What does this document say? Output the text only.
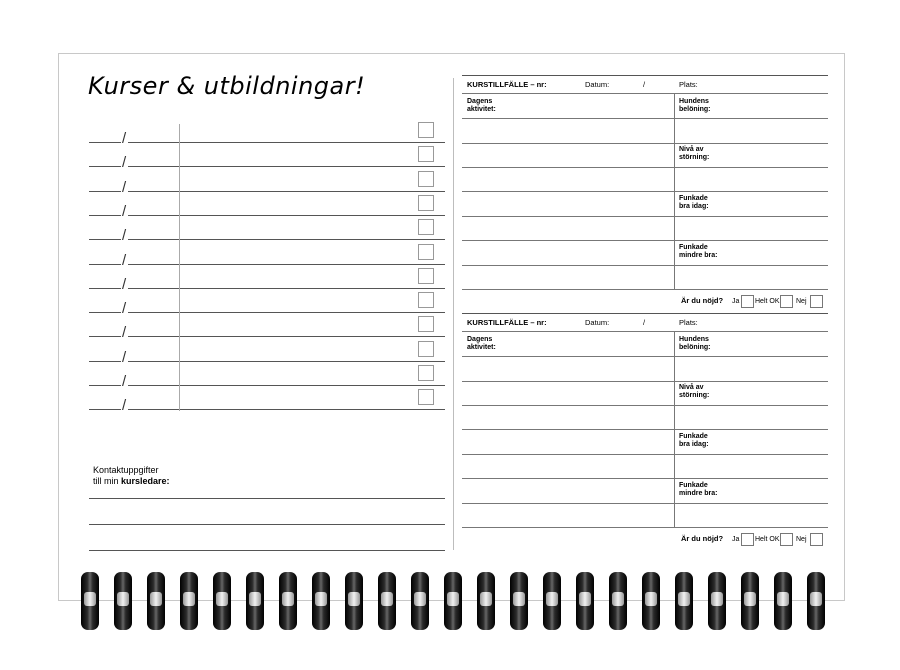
Kurser & utbildningar!
/
/
/
/
/
/
/
/
/
/
/
/
Kontaktuppgifter
till min kursledare:
KURSTILLFÄLLE – nr:	Datum:	/	Plats:
Dagens
aktivitet:
Hundens
belöning:
Nivå av
störning:
Funkade
bra idag:
Funkade
mindre bra:
Är du nöjd? Ja Helt OK Nej
KURSTILLFÄLLE – nr:	Datum:	/	Plats:
Dagens
aktivitet:
Hundens
belöning:
Nivå av
störning:
Funkade
bra idag:
Funkade
mindre bra:
Är du nöjd? Ja Helt OK Nej
